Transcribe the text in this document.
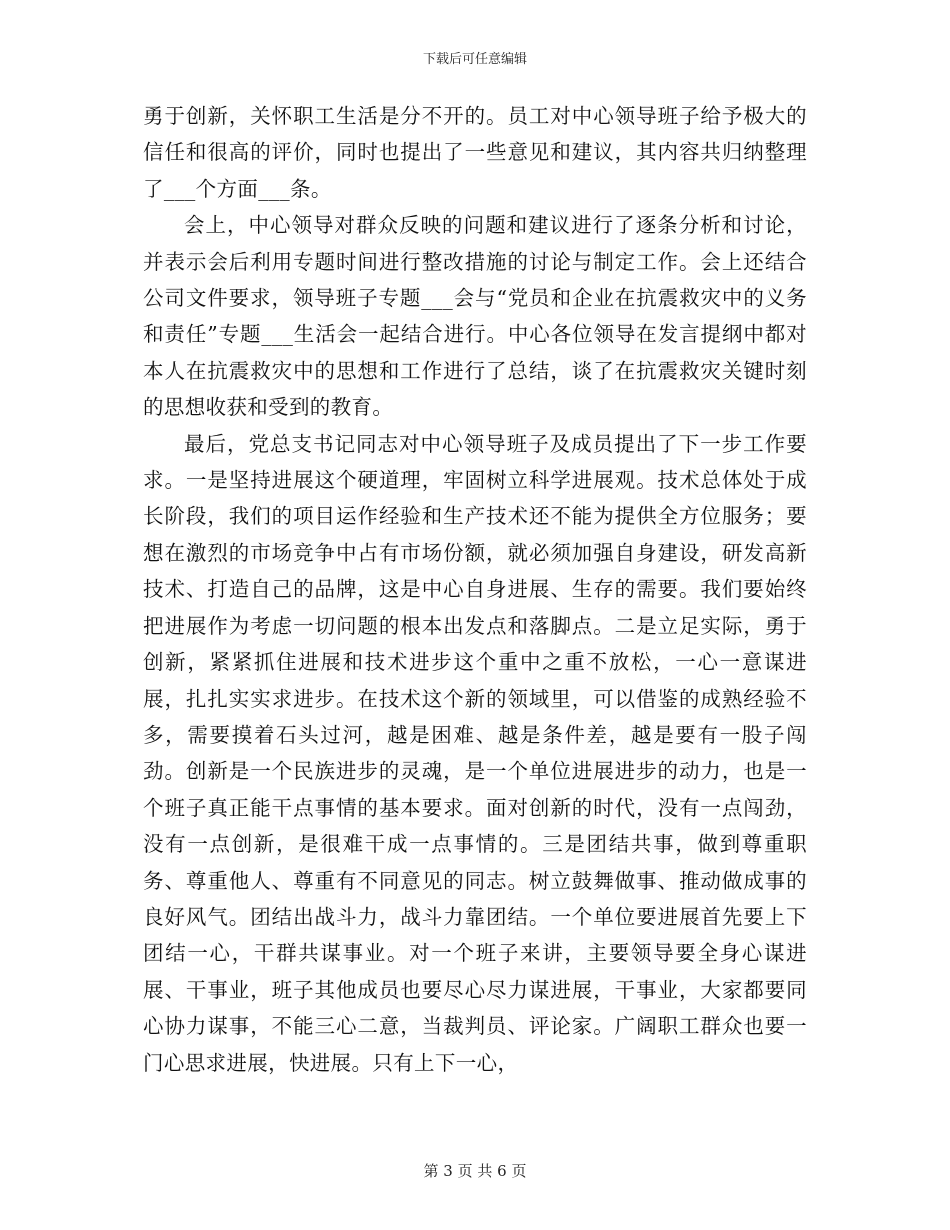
下载后可任意编辑

勇于创新，关怀职工生活是分不开的。员工对中心领导班子给予极大的信任和很高的评价，同时也提出了一些意见和建议，其内容共归纳整理了___个方面___条。

会上，中心领导对群众反映的问题和建议进行了逐条分析和讨论，并表示会后利用专题时间进行整改措施的讨论与制定工作。会上还结合公司文件要求，领导班子专题___会与“党员和企业在抗震救灾中的义务和责任”专题___生活会一起结合进行。中心各位领导在发言提纲中都对本人在抗震救灾中的思想和工作进行了总结，谈了在抗震救灾关键时刻的思想收获和受到的教育。

最后，党总支书记同志对中心领导班子及成员提出了下一步工作要求。一是坚持进展这个硬道理，牢固树立科学进展观。技术总体处于成长阶段，我们的项目运作经验和生产技术还不能为提供全方位服务；要想在激烈的市场竞争中占有市场份额，就必须加强自身建设，研发高新技术、打造自己的品牌，这是中心自身进展、生存的需要。我们要始终把进展作为考虑一切问题的根本出发点和落脚点。二是立足实际，勇于创新，紧紧抓住进展和技术进步这个重中之重不放松，一心一意谋进展，扎扎实实求进步。在技术这个新的领域里，可以借鉴的成熟经验不多，需要摸着石头过河，越是困难、越是条件差，越是要有一股子闯劲。创新是一个民族进步的灵魂，是一个单位进展进步的动力，也是一个班子真正能干点事情的基本要求。面对创新的时代，没有一点闯劲，没有一点创新，是很难干成一点事情的。三是团结共事，做到尊重职务、尊重他人、尊重有不同意见的同志。树立鼓舞做事、推动做成事的良好风气。团结出战斗力，战斗力靠团结。一个单位要进展首先要上下团结一心，干群共谋事业。对一个班子来讲，主要领导要全身心谋进展、干事业，班子其他成员也要尽心尽力谋进展，干事业，大家都要同心协力谋事，不能三心二意，当裁判员、评论家。广阔职工群众也要一门心思求进展，快进展。只有上下一心，

第 3 页 共 6 页
